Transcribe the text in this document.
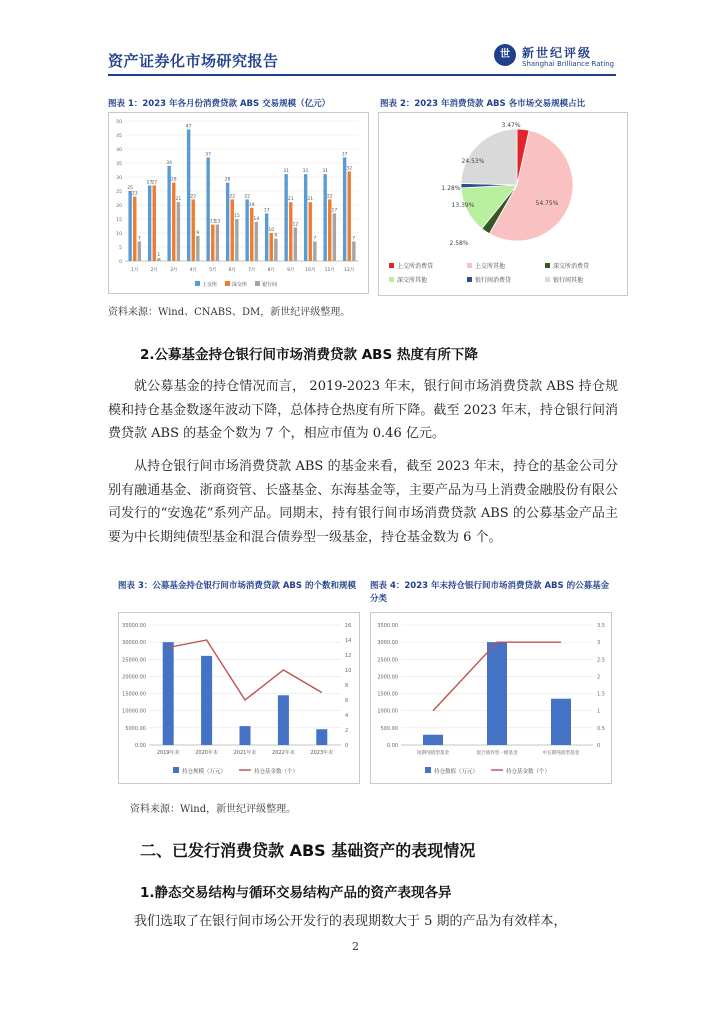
资产证券化市场研究报告	世	新世纪评级
Shanghai Brilliance Rating
图表 1：2023 年各月份消费贷款 ABS 交易规模（亿元）
0
5
10
15
20
25
30
35
40
45
50
1月
25
23
7
2月
27
27
1
3月
34
28
21
4月
47
22
9
5月
37
13
13
6月
28
22
15
7月
22
19
14
8月
17
10
8
9月
31
21
12
10月
31
21
7
11月
31
22
17
12月
37
32
7
上交所	深交所	银行间
图表 2：2023 年消费贷款 ABS 各市场交易规模占比
3.47%
54.75%
2.58%
13.39%
1.28%
24.53%
上交所消费贷	上交所其他	深交所消费贷
深交所其他	银行间消费贷	银行间其他
资料来源：Wind、CNABS、DM，新世纪评级整理。
2.公募基金持仓银行间市场消费贷款 ABS 热度有所下降
就公募基金的持仓情况而言， 2019-2023 年末，银行间市场消费贷款 ABS 持仓规模和持仓基金数逐年波动下降，总体持仓热度有所下降。截至 2023 年末，持仓银行间消费贷款 ABS 的基金个数为 7 个，相应市值为 0.46 亿元。
从持仓银行间市场消费贷款 ABS 的基金来看，截至 2023 年末，持仓的基金公司分别有融通基金、浙商资管、长盛基金、东海基金等，主要产品为马上消费金融股份有限公司发行的“安逸花”系列产品。同期末，持有银行间市场消费贷款 ABS 的公募基金产品主要为中长期纯债型基金和混合债券型一级基金，持仓基金数为 6 个。
图表 3：公募基金持仓银行间市场消费贷款 ABS 的个数和规模
0.00
5000.00
10000.00
15000.00
20000.00
25000.00
30000.00
35000.00
0
2
4
6
8
10
12
14
16
2019年末	2020年末	2021年末	2022年末	2023年末
持仓规模（万元）	持仓基金数（个）
图表 4：2023 年末持仓银行间市场消费贷款 ABS 的公募基金分类
0.00
500.00
1000.00
1500.00
2000.00
2500.00
3000.00
3500.00
0
0.5
1
1.5
2
2.5
3
3.5
短期纯债型基金	混合债券型一级基金	中长期纯债型基金
持仓数值（万元）	持仓基金数（个）
资料来源：Wind，新世纪评级整理。
二、已发行消费贷款 ABS 基础资产的表现情况
1.静态交易结构与循环交易结构产品的资产表现各异
我们选取了在银行间市场公开发行的表现期数大于 5 期的产品为有效样本，
2
